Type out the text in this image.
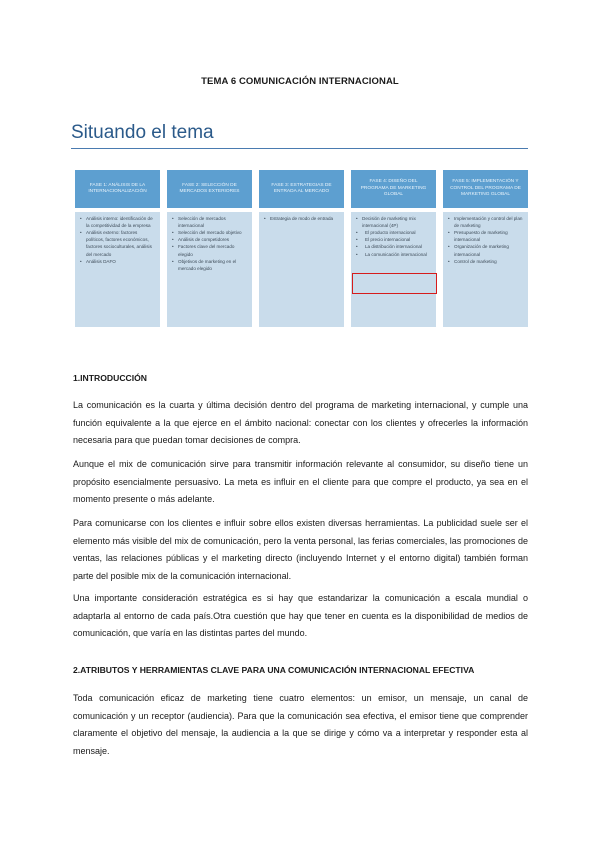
TEMA 6 COMUNICACIÓN INTERNACIONAL
Situando el tema
FASE 1: ANÁLISIS DE LA INTERNACIONALIZACIÓN
• Análisis interno: identificación de la competitividad de la empresa
• Análisis externo: factores políticos, factores económicos, factores socioculturales, análisis del mercado
• Análisis DAFO
FASE 2: SELECCIÓN DE MERCADOS EXTERIORES
• Selección de mercados internacional
• Selección del mercado objetivo
• Análisis de competidores
• Factores clave del mercado elegido
• Objetivos de marketing en el mercado elegido
FASE 3: ESTRATEGIAS DE ENTRADA AL MERCADO
• Estrategia de modo de entrada
FASE 4: DISEÑO DEL PROGRAMA DE MARKETING GLOBAL
• Decisión de marketing mix internacional (4P)
• El producto internacional
• El precio internacional
• La distribución internacional
• La comunicación internacional
FASE 5: IMPLEMENTACIÓN Y CONTROL DEL PROGRAMA DE MARKETING GLOBAL
• Implementación y control del plan de marketing
• Presupuesto de marketing internacional
• Organización de marketing internacional
• Control de marketing
1.INTRODUCCIÓN

La comunicación es la cuarta y última decisión dentro del programa de marketing internacional, y cumple una función equivalente a la que ejerce en el ámbito nacional: conectar con los clientes y ofrecerles la información necesaria para que puedan tomar decisiones de compra.

Aunque el mix de comunicación sirve para transmitir información relevante al consumidor, su diseño tiene un propósito esencialmente persuasivo. La meta es influir en el cliente para que compre el producto, ya sea en el momento presente o más adelante.

Para comunicarse con los clientes e influir sobre ellos existen diversas herramientas. La publicidad suele ser el elemento más visible del mix de comunicación, pero la venta personal, las ferias comerciales, las promociones de ventas, las relaciones públicas y el marketing directo (incluyendo Internet y el entorno digital) también forman parte del posible mix de la comunicación internacional.

Una importante consideración estratégica es si hay que estandarizar la comunicación a escala mundial o adaptarla al entorno de cada país.Otra cuestión que hay que tener en cuenta es la disponibilidad de medios de comunicación, que varía en las distintas partes del mundo.

2.ATRIBUTOS Y HERRAMIENTAS CLAVE PARA UNA COMUNICACIÓN INTERNACIONAL EFECTIVA

Toda comunicación eficaz de marketing tiene cuatro elementos: un emisor, un mensaje, un canal de comunicación y un receptor (audiencia). Para que la comunicación sea efectiva, el emisor tiene que comprender claramente el objetivo del mensaje, la audiencia a la que se dirige y cómo va a interpretar y responder esta al mensaje.
